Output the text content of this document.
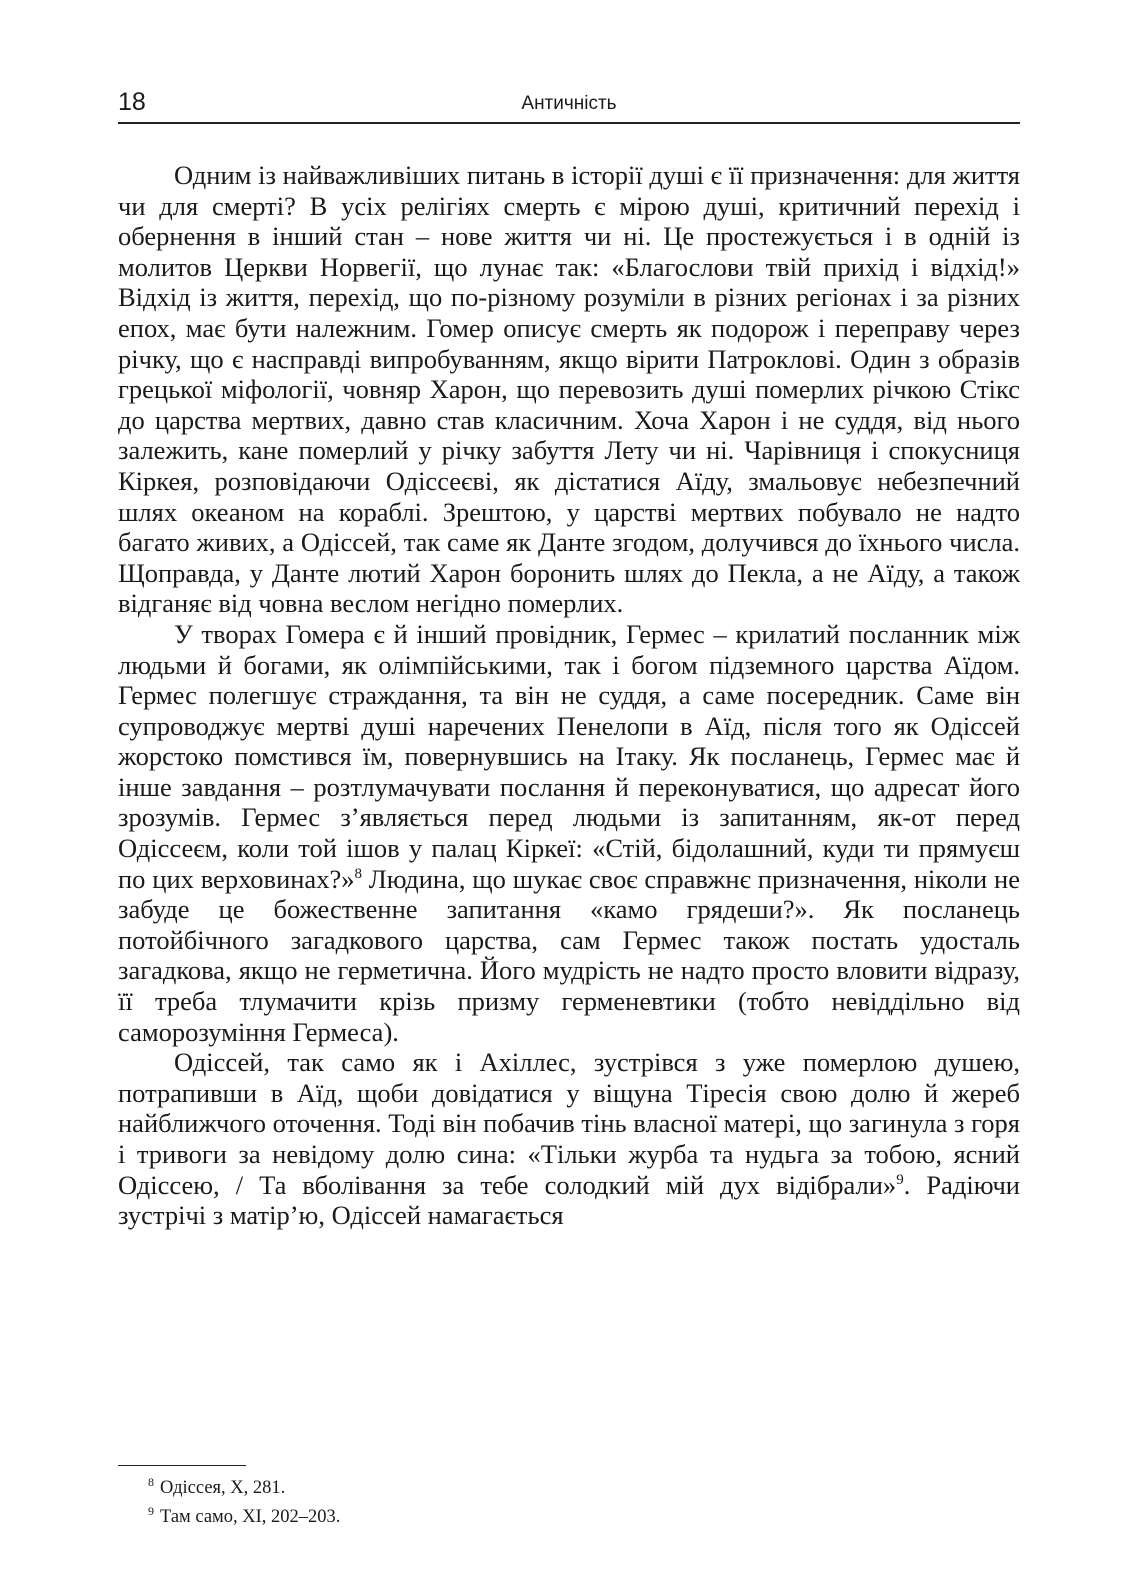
18	Античність

Одним із найважливіших питань в історії душі є її призначення: для життя чи для смерті? В усіх релігіях смерть є мірою душі, критичний перехід і обернення в інший стан – нове життя чи ні. Це простежується і в одній із молитов Церкви Норвегії, що лунає так: «Благослови твій прихід і відхід!» Відхід із життя, перехід, що по-різному розуміли в різних регіонах і за різних епох, має бути належним. Гомер описує смерть як подорож і переправу через річку, що є насправді випробуванням, якщо вірити Патроклові. Один з образів грецької міфології, човняр Харон, що перевозить душі померлих річкою Стікс до царства мертвих, давно став класичним. Хоча Харон і не суддя, від нього залежить, кане померлий у річку забуття Лету чи ні. Чарівниця і спокусниця Кіркея, розповідаючи Одіссеєві, як дістатися Аїду, змальовує небезпечний шлях океаном на кораблі. Зрештою, у царстві мертвих побувало не надто багато живих, а Одіссей, так саме як Данте згодом, долучився до їхнього числа. Щоправда, у Данте лютий Харон боронить шлях до Пекла, а не Аїду, а також відганяє від човна веслом негідно померлих.

У творах Гомера є й інший провідник, Гермес – крилатий посланник між людьми й богами, як олімпійськими, так і богом підземного царства Аїдом. Гермес полегшує страждання, та він не суддя, а саме посередник. Саме він супроводжує мертві душі наречених Пенелопи в Аїд, після того як Одіссей жорстоко помстився їм, повернувшись на Ітаку. Як посланець, Гермес має й інше завдання – розтлумачувати послання й переконуватися, що адресат його зрозумів. Гермес з’являється перед людьми із запитанням, як-от перед Одіссеєм, коли той ішов у палац Кіркеї: «Стій, бідолашний, куди ти прямуєш по цих верховинах?»$^8$ Людина, що шукає своє справжнє призначення, ніколи не забуде це божественне запитання «камо грядеши?». Як посланець потойбічного загадкового царства, сам Гермес також постать удосталь загадкова, якщо не герметична. Його мудрість не надто просто вловити відразу, її треба тлумачити крізь призму герменевтики (тобто невіддільно від саморозуміння Гермеса).

Одіссей, так само як і Ахіллес, зустрівся з уже померлою душею, потрапивши в Аїд, щоби довідатися у віщуна Тіресія свою долю й жереб найближчого оточення. Тоді він побачив тінь власної матері, що загинула з горя і тривоги за невідому долю сина: «Тільки журба та нудьга за тобою, ясний Одіссею, / Та вболівання за тебе солодкий мій дух відібрали»$^9$. Радіючи зустрічі з матір’ю, Одіссей намагається

$^8$ Одіссея, X, 281.
$^9$ Там само, XI, 202–203.
